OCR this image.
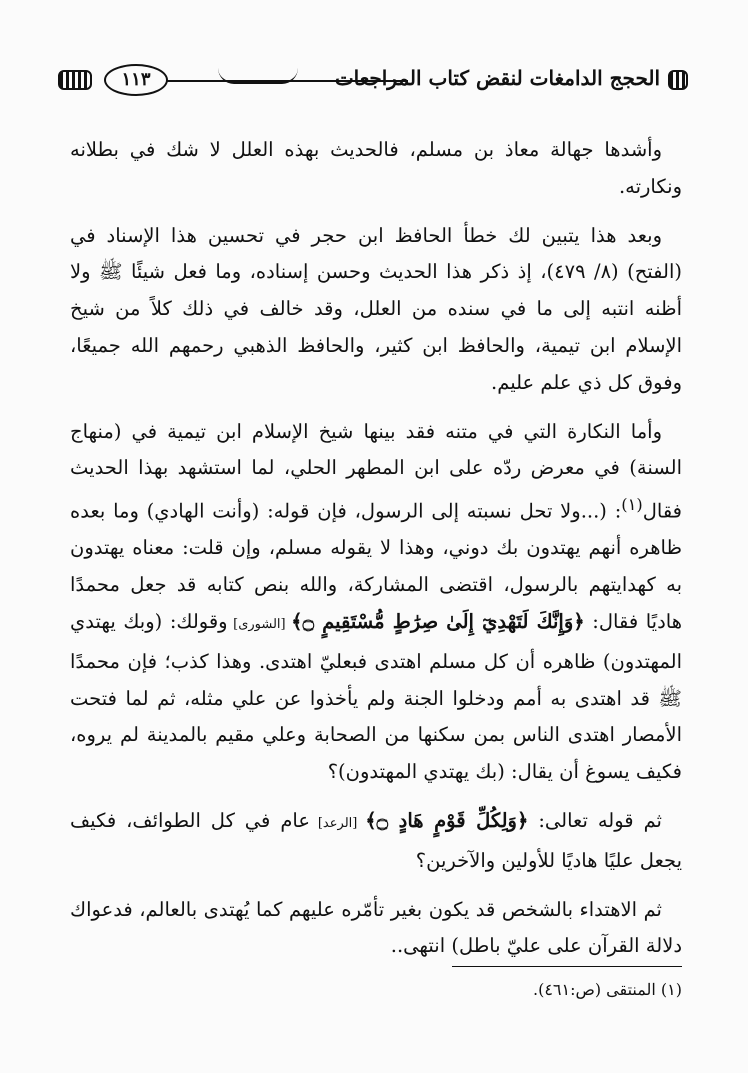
١١٣	الحجج الدامغات لنقض كتاب المراجعات

وأشدها جهالة معاذ بن مسلم، فالحديث بهذه العلل لا شك في بطلانه ونكارته.

وبعد هذا يتبين لك خطأ الحافظ ابن حجر في تحسين هذا الإسناد في (الفتح) (٨/ ٤٧٩)، إذ ذكر هذا الحديث وحسن إسناده، وما فعل شيئًا ﷺ ولا أظنه انتبه إلى ما في سنده من العلل، وقد خالف في ذلك كلاً من شيخ الإسلام ابن تيمية، والحافظ ابن كثير، والحافظ الذهبي رحمهم الله جميعًا، وفوق كل ذي علم عليم.

وأما النكارة التي في متنه فقد بينها شيخ الإسلام ابن تيمية في (منهاج السنة) في معرض ردّه على ابن المطهر الحلي، لما استشهد بهذا الحديث فقال$^{(١)}$: (...ولا تحل نسبته إلى الرسول، فإن قوله: (وأنت الهادي) وما بعده ظاهره أنهم يهتدون بك دوني، وهذا لا يقوله مسلم، وإن قلت: معناه يهتدون به كهدايتهم بالرسول، اقتضى المشاركة، والله بنص كتابه قد جعل محمدًا هاديًا فقال: ﴿وَإِنَّكَ لَتَهْدِيٓ إِلَىٰ صِرَٰطٍ مُّسْتَقِيمٍ ۝﴾ [الشورى] وقولك: (وبك يهتدي المهتدون) ظاهره أن كل مسلم اهتدى فبعليّ اهتدى. وهذا كذب؛ فإن محمدًا ﷺ قد اهتدى به أمم ودخلوا الجنة ولم يأخذوا عن علي مثله، ثم لما فتحت الأمصار اهتدى الناس بمن سكنها من الصحابة وعلي مقيم بالمدينة لم يروه، فكيف يسوغ أن يقال: (بك يهتدي المهتدون)؟

ثم قوله تعالى: ﴿وَلِكُلِّ قَوْمٍ هَادٍ ۝﴾ [الرعد] عام في كل الطوائف، فكيف يجعل عليًا هاديًا للأولين والآخرين؟

ثم الاهتداء بالشخص قد يكون بغير تأمّره عليهم كما يُهتدى بالعالم، فدعواك دلالة القرآن على عليّ باطل) انتهى..

(١) المنتقى (ص:٤٦١).
